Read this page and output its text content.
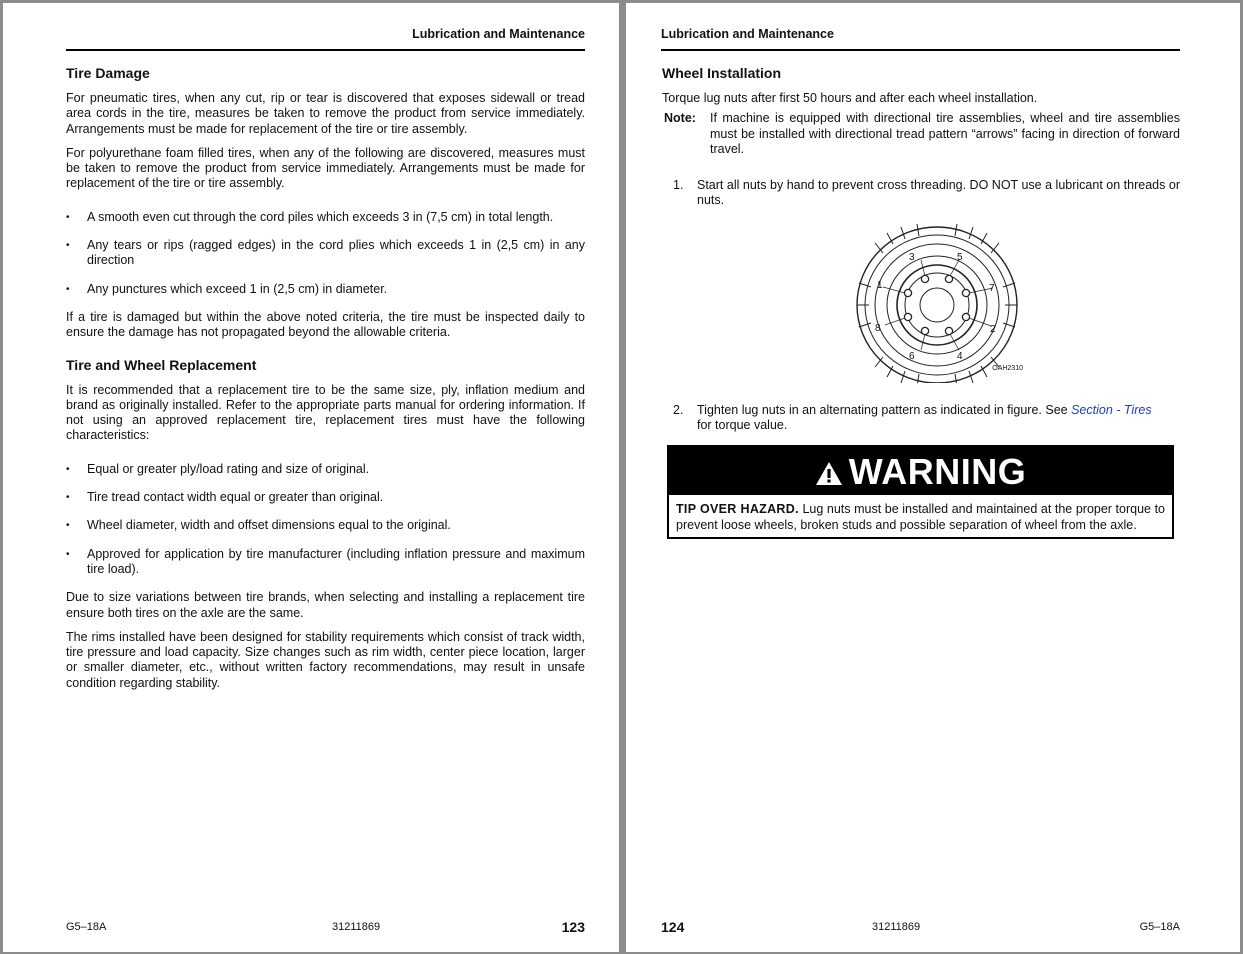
Lubrication and Maintenance
Tire Damage

For pneumatic tires, when any cut, rip or tear is discovered that exposes sidewall or tread area cords in the tire, measures be taken to remove the product from service immediately. Arrangements must be made for replacement of the tire or tire assembly.

For polyurethane foam filled tires, when any of the following are discovered, measures must be taken to remove the product from service immediately. Arrangements must be made for replacement of the tire or tire assembly.

• A smooth even cut through the cord piles which exceeds 3 in (7,5 cm) in total length.
• Any tears or rips (ragged edges) in the cord plies which exceeds 1 in (2,5 cm) in any direction
• Any punctures which exceed 1 in (2,5 cm) in diameter.

If a tire is damaged but within the above noted criteria, the tire must be inspected daily to ensure the damage has not propagated beyond the allowable criteria.

Tire and Wheel Replacement

It is recommended that a replacement tire to be the same size, ply, inflation medium and brand as originally installed. Refer to the appropriate parts manual for ordering information. If not using an approved replacement tire, replacement tires must have the following characteristics:

• Equal or greater ply/load rating and size of original.
• Tire tread contact width equal or greater than original.
• Wheel diameter, width and offset dimensions equal to the original.
• Approved for application by tire manufacturer (including inflation pressure and maximum tire load).

Due to size variations between tire brands, when selecting and installing a replacement tire ensure both tires on the axle are the same.

The rims installed have been designed for stability requirements which consist of track width, tire pressure and load capacity. Size changes such as rim width, center piece location, larger or smaller diameter, etc., without written factory recommendations, may result in unsafe condition regarding stability.

G5–18A	31211869	123
Lubrication and Maintenance
Wheel Installation

Torque lug nuts after first 50 hours and after each wheel installation.

Note:	If machine is equipped with directional tire assemblies, wheel and tire assemblies must be installed with directional tread pattern “arrows” facing in direction of forward travel.
1.	Start all nuts by hand to prevent cross threading. DO NOT use a lubricant on threads or nuts.
1
2
3
4
5
6
7
8
OAH2310
2.	Tighten lug nuts in an alternating pattern as indicated in figure. See Section - Tires
for torque value.
WARNING
TIP OVER HAZARD. Lug nuts must be installed and maintained at the proper torque to prevent loose wheels, broken studs and possible separation of wheel from the axle.
124	31211869	G5–18A
